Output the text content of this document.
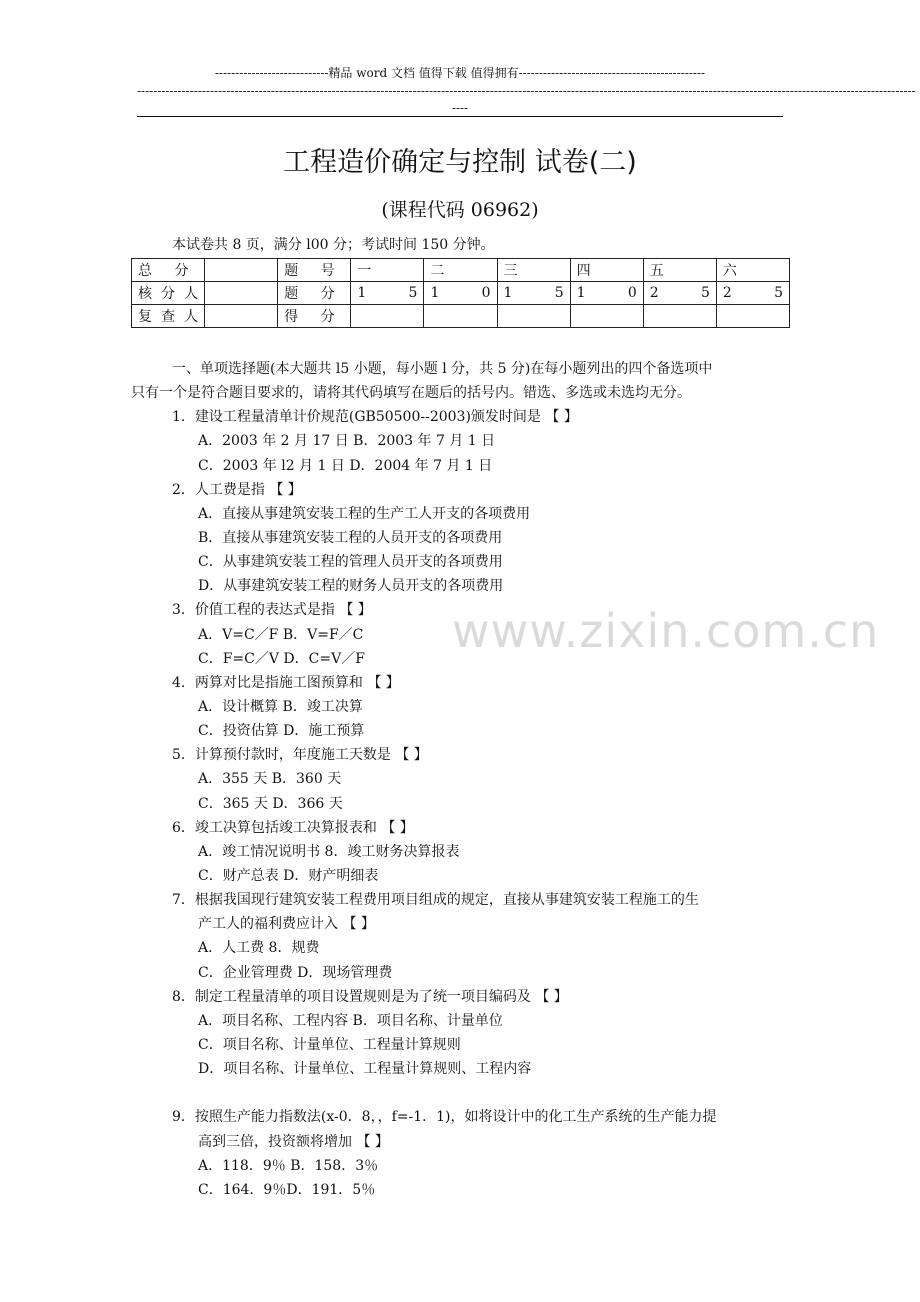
----------------------------精品 word 文档 值得下载 值得拥有----------------------------------------------
------------------------------------------------------------------------------------------------------------------------------------------------------------------------------------------------
----
工程造价确定与控制 试卷(二)
(课程代码 06962)
本试卷共 8 页，满分 l00 分；考试时间 150 分钟。
总 分		题 号	一	二	三	四	五	六
核分人		题 分	1 5	1 0	1 5	1 0	2 5	2 5

复查人		得 分						
一、单项选择题(本大题共 l5 小题，每小题 l 分，共 5 分)在每小题列出的四个备选项中
只有一个是符合题目要求的，请将其代码填写在题后的括号内。错选、多选或未选均无分。
www.zixin.com.cn
1．建设工程量清单计价规范(GB50500--2003)颁发时间是 【 】
A．2003 年 2 月 17 日 B．2003 年 7 月 1 日
C．2003 年 l2 月 1 日 D．2004 年 7 月 1 日
2．人工费是指 【 】
A．直接从事建筑安装工程的生产工人开支的各项费用
B．直接从事建筑安装工程的人员开支的各项费用
C．从事建筑安装工程的管理人员开支的各项费用
D．从事建筑安装工程的财务人员开支的各项费用
3．价值工程的表达式是指 【 】
A．V=C／F B．V=F／C
C．F=C／V D．C=V／F
4．两算对比是指施工图预算和 【 】
A．设计概算 B．竣工决算
C．投资估算 D．施工预算
5．计算预付款时，年度施工天数是 【 】
A．355 天 B．360 天
C．365 天 D．366 天
6．竣工决算包括竣工决算报表和 【 】
A．竣工情况说明书 8．竣工财务决算报表
C．财产总表 D．财产明细表
7．根据我国现行建筑安装工程费用项目组成的规定，直接从事建筑安装工程施工的生
产工人的福利费应计入 【 】
A．人工费 8．规费
C．企业管理费 D．现场管理费
8．制定工程量清单的项目设置规则是为了统一项目编码及 【 】
A．项目名称、工程内容 B．项目名称、计量单位
C．项目名称、计量单位、工程量计算规则
D．项目名称、计量单位、工程量计算规则、工程内容
9．按照生产能力指数法(x-0．8，，f=-1．1)，如将设计中的化工生产系统的生产能力提
高到三倍，投资额将增加 【 】
A．118．9％ B．158．3％
C．164．9％D．191．5％
